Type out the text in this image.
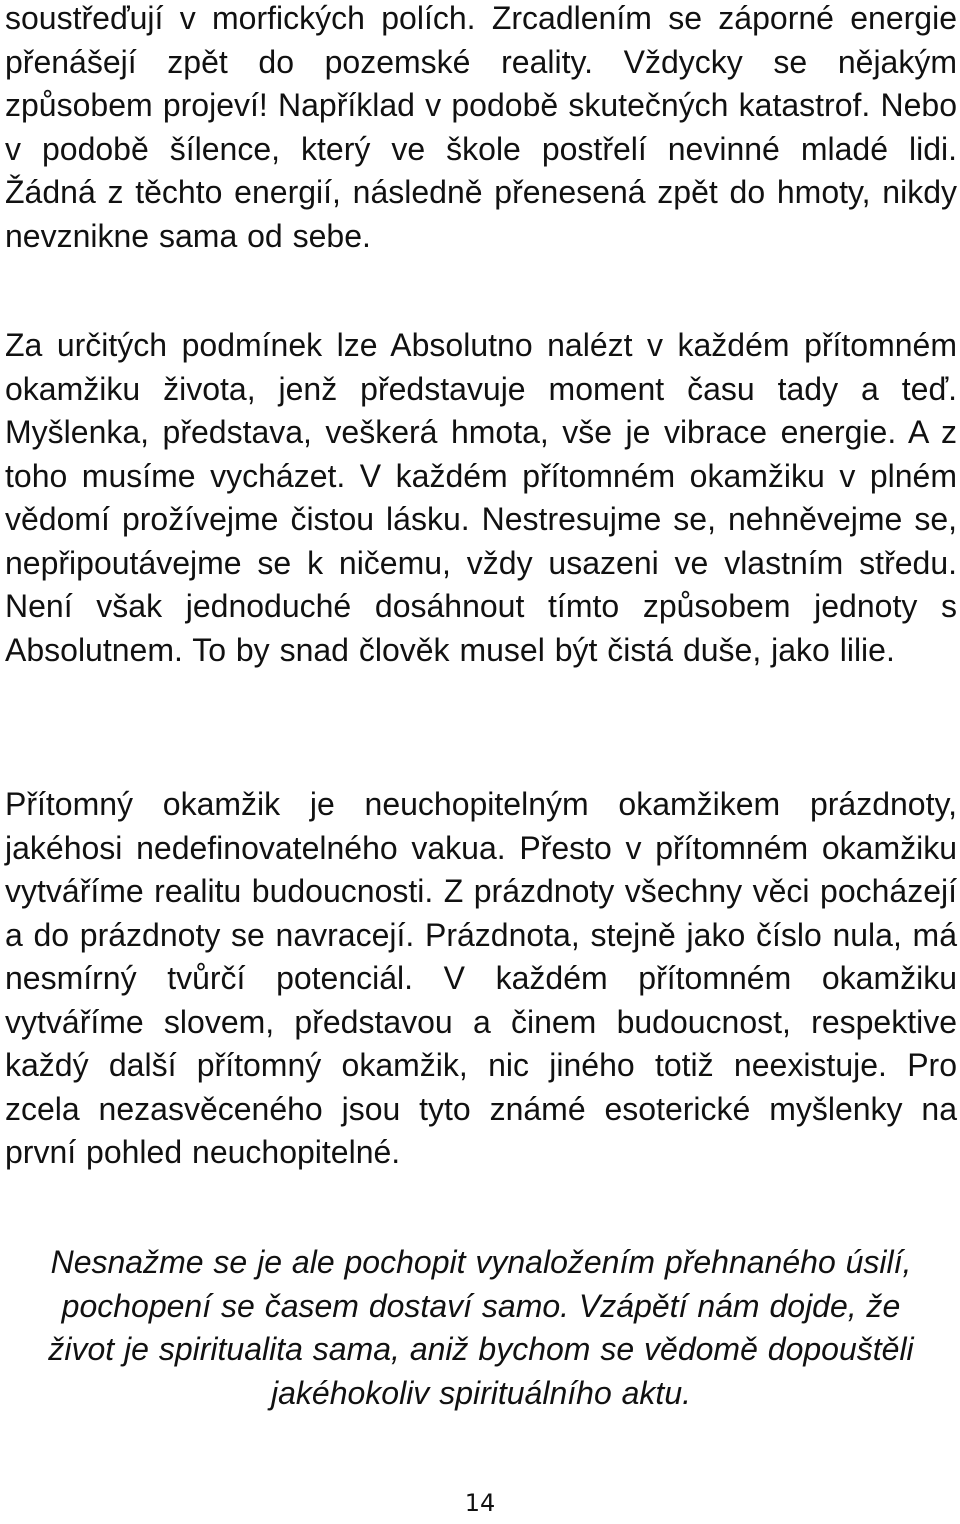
soustřeďují v morfických polích. Zrcadlením se záporné energie přenášejí zpět do pozemské reality. Vždycky se nějakým způsobem projeví! Například v podobě skutečných katastrof. Nebo v podobě šílence, který ve škole postřelí nevinné mladé lidi. Žádná z těchto energií, následně přenesená zpět do hmoty, nikdy nevznikne sama od sebe.

Za určitých podmínek lze Absolutno nalézt v každém přítomném okamžiku života, jenž představuje moment času tady a teď. Myšlenka, představa, veškerá hmota, vše je vibrace energie. A z toho musíme vycházet. V každém přítomném okamžiku v plném vědomí prožívejme čistou lásku. Nestresujme se, nehněvejme se, nepřipoutávejme se k ničemu, vždy usazeni ve vlastním středu. Není však jednoduché dosáhnout tímto způsobem jednoty s Absolutnem. To by snad člověk musel být čistá duše, jako lilie.

Přítomný okamžik je neuchopitelným okamžikem prázdnoty, jakéhosi nedefinovatelného vakua. Přesto v přítomném okamžiku vytváříme realitu budoucnosti. Z prázdnoty všechny věci pocházejí a do prázdnoty se navracejí. Prázdnota, stejně jako číslo nula, má nesmírný tvůrčí potenciál. V každém přítomném okamžiku vytváříme slovem, představou a činem budoucnost, respektive každý další přítomný okamžik, nic jiného totiž neexistuje. Pro zcela nezasvěceného jsou tyto známé esoterické myšlenky na první pohled neuchopitelné.

Nesnažme se je ale pochopit vynaložením přehnaného úsilí, pochopení se časem dostaví samo. Vzápětí nám dojde, že život je spiritualita sama, aniž bychom se vědomě dopouštěli jakéhokoliv spirituálního aktu.

14
